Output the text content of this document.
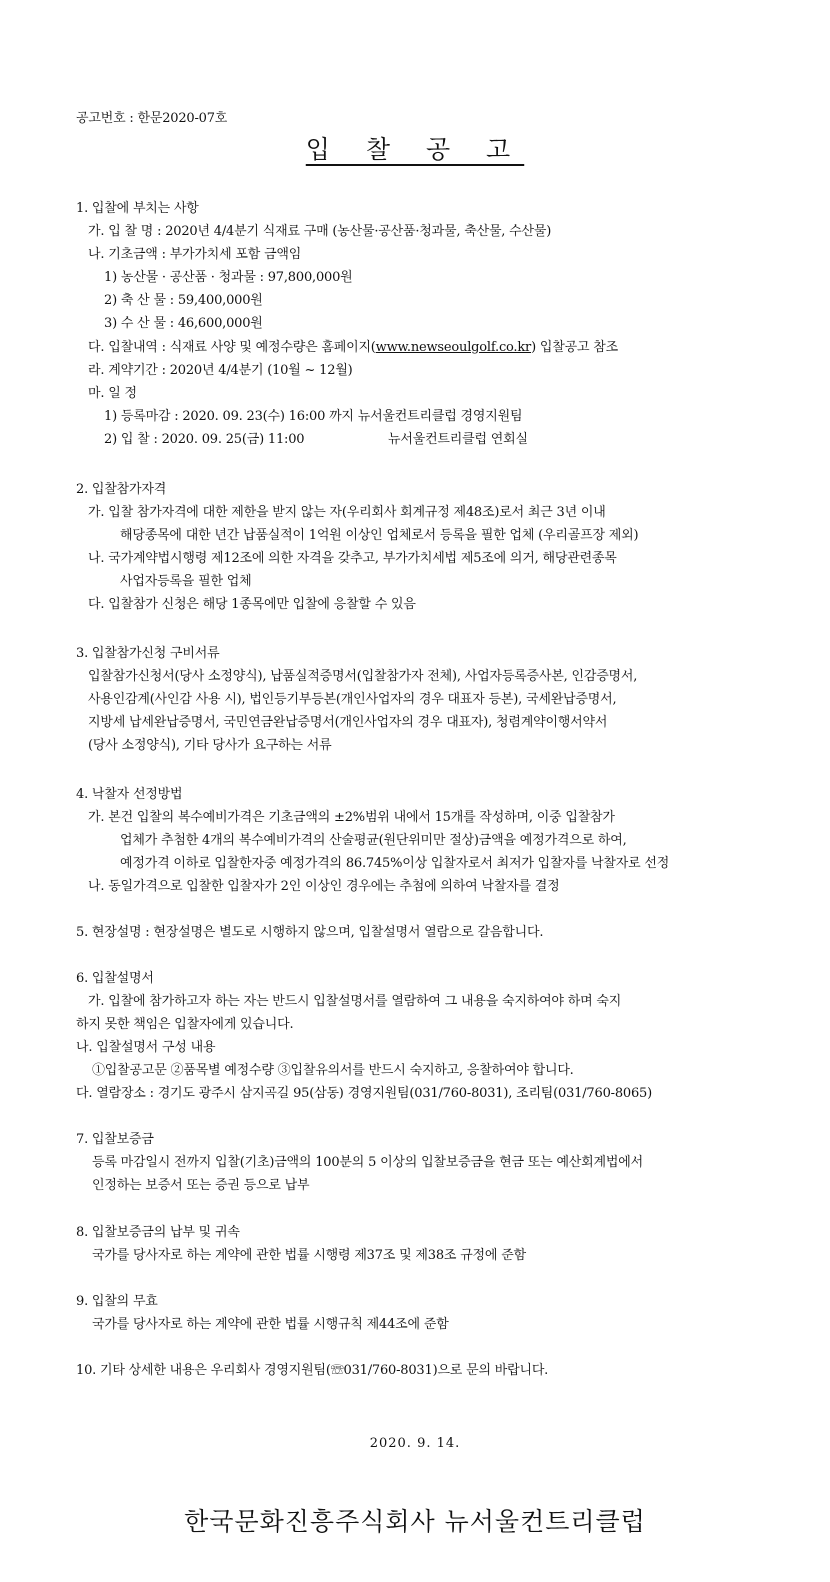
공고번호 : 한문2020-07호
입 찰 공 고
1. 입찰에 부치는 사항
가. 입 찰 명 : 2020년 4/4분기 식재료 구매 (농산물·공산품·청과물, 축산물, 수산물)
나. 기초금액 : 부가가치세 포함 금액임
1) 농산물 · 공산품 · 청과물 : 97,800,000원
2) 축 산 물 : 59,400,000원
3) 수 산 물 : 46,600,000원
다. 입찰내역 : 식재료 사양 및 예정수량은 홈페이지(www.newseoulgolf.co.kr) 입찰공고 참조
라. 계약기간 : 2020년 4/4분기 (10월 ~ 12월)
마. 일 정
1) 등록마감 : 2020. 09. 23(수) 16:00 까지 뉴서울컨트리클럽 경영지원팀
2) 입 찰 : 2020. 09. 25(금) 11:00	뉴서울컨트리클럽 연회실
2. 입찰참가자격
가. 입찰 참가자격에 대한 제한을 받지 않는 자(우리회사 회계규정 제48조)로서 최근 3년 이내
해당종목에 대한 년간 납품실적이 1억원 이상인 업체로서 등록을 필한 업체 (우리골프장 제외)
나. 국가계약법시행령 제12조에 의한 자격을 갖추고, 부가가치세법 제5조에 의거, 해당관련종목
사업자등록을 필한 업체
다. 입찰참가 신청은 해당 1종목에만 입찰에 응찰할 수 있음
3. 입찰참가신청 구비서류
입찰참가신청서(당사 소정양식), 납품실적증명서(입찰참가자 전체), 사업자등록증사본, 인감증명서,
사용인감계(사인감 사용 시), 법인등기부등본(개인사업자의 경우 대표자 등본), 국세완납증명서,
지방세 납세완납증명서, 국민연금완납증명서(개인사업자의 경우 대표자), 청렴계약이행서약서
(당사 소정양식), 기타 당사가 요구하는 서류
4. 낙찰자 선정방법
가. 본건 입찰의 복수예비가격은 기초금액의 ±2%범위 내에서 15개를 작성하며, 이중 입찰참가
업체가 추첨한 4개의 복수예비가격의 산술평균(원단위미만 절상)금액을 예정가격으로 하여,
예정가격 이하로 입찰한자중 예정가격의 86.745%이상 입찰자로서 최저가 입찰자를 낙찰자로 선정
나. 동일가격으로 입찰한 입찰자가 2인 이상인 경우에는 추첨에 의하여 낙찰자를 결정
5. 현장설명 : 현장설명은 별도로 시행하지 않으며, 입찰설명서 열람으로 갈음합니다.
6. 입찰설명서
가. 입찰에 참가하고자 하는 자는 반드시 입찰설명서를 열람하여 그 내용을 숙지하여야 하며 숙지
하지 못한 책임은 입찰자에게 있습니다.
나. 입찰설명서 구성 내용
①입찰공고문 ②품목별 예정수량 ③입찰유의서를 반드시 숙지하고, 응찰하여야 합니다.
다. 열람장소 : 경기도 광주시 삼지곡길 95(삼동) 경영지원팀(031/760-8031), 조리팀(031/760-8065)
7. 입찰보증금
등록 마감일시 전까지 입찰(기초)금액의 100분의 5 이상의 입찰보증금을 현금 또는 예산회계법에서
인정하는 보증서 또는 증권 등으로 납부
8. 입찰보증금의 납부 및 귀속
국가를 당사자로 하는 계약에 관한 법률 시행령 제37조 및 제38조 규정에 준함
9. 입찰의 무효
국가를 당사자로 하는 계약에 관한 법률 시행규칙 제44조에 준함
10. 기타 상세한 내용은 우리회사 경영지원팀(☏031/760-8031)으로 문의 바랍니다.
2020. 9. 14.
한국문화진흥주식회사 뉴서울컨트리클럽
